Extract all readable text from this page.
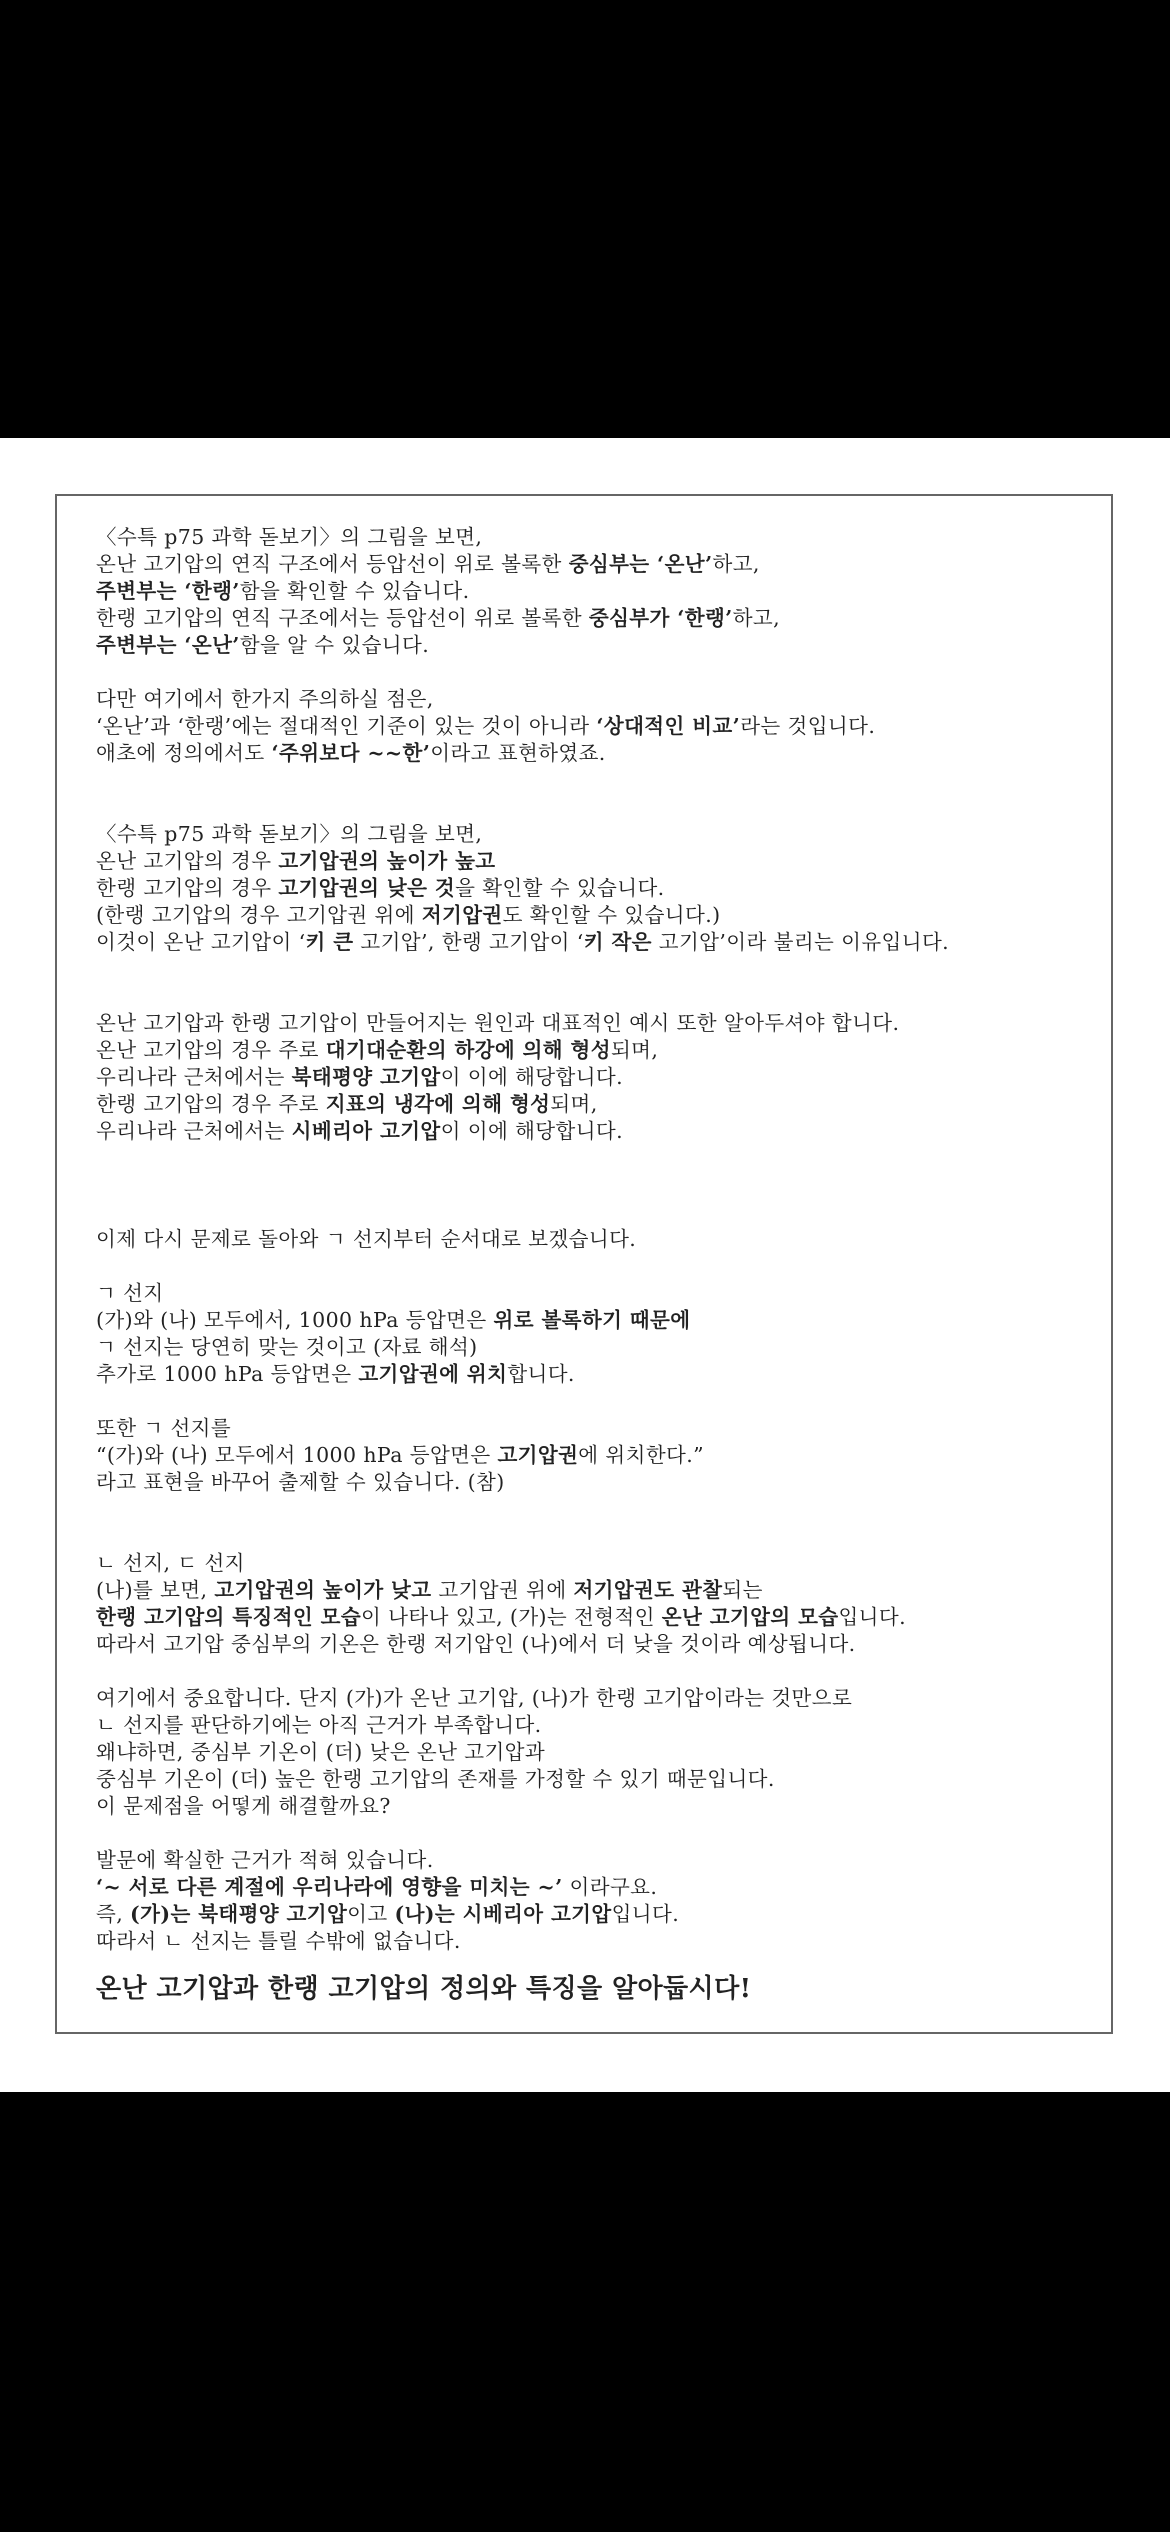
〈수특 p75 과학 돋보기〉의 그림을 보면,
온난 고기압의 연직 구조에서 등압선이 위로 볼록한 중심부는 ‘온난’하고,
주변부는 ‘한랭’함을 확인할 수 있습니다.
한랭 고기압의 연직 구조에서는 등압선이 위로 볼록한 중심부가 ‘한랭’하고,
주변부는 ‘온난’함을 알 수 있습니다.
다만 여기에서 한가지 주의하실 점은,
‘온난’과 ‘한랭’에는 절대적인 기준이 있는 것이 아니라 ‘상대적인 비교’라는 것입니다.
애초에 정의에서도 ‘주위보다 ~~한’이라고 표현하였죠.
〈수특 p75 과학 돋보기〉의 그림을 보면,
온난 고기압의 경우 고기압권의 높이가 높고
한랭 고기압의 경우 고기압권의 낮은 것을 확인할 수 있습니다.
(한랭 고기압의 경우 고기압권 위에 저기압권도 확인할 수 있습니다.)
이것이 온난 고기압이 ‘키 큰 고기압’, 한랭 고기압이 ‘키 작은 고기압’이라 불리는 이유입니다.
온난 고기압과 한랭 고기압이 만들어지는 원인과 대표적인 예시 또한 알아두셔야 합니다.
온난 고기압의 경우 주로 대기대순환의 하강에 의해 형성되며,
우리나라 근처에서는 북태평양 고기압이 이에 해당합니다.
한랭 고기압의 경우 주로 지표의 냉각에 의해 형성되며,
우리나라 근처에서는 시베리아 고기압이 이에 해당합니다.
이제 다시 문제로 돌아와 ㄱ 선지부터 순서대로 보겠습니다.
ㄱ 선지
(가)와 (나) 모두에서, 1000 hPa 등압면은 위로 볼록하기 때문에
ㄱ 선지는 당연히 맞는 것이고 (자료 해석)
추가로 1000 hPa 등압면은 고기압권에 위치합니다.
또한 ㄱ 선지를
“(가)와 (나) 모두에서 1000 hPa 등압면은 고기압권에 위치한다.”
라고 표현을 바꾸어 출제할 수 있습니다. (참)
ㄴ 선지, ㄷ 선지
(나)를 보면, 고기압권의 높이가 낮고 고기압권 위에 저기압권도 관찰되는
한랭 고기압의 특징적인 모습이 나타나 있고, (가)는 전형적인 온난 고기압의 모습입니다.
따라서 고기압 중심부의 기온은 한랭 저기압인 (나)에서 더 낮을 것이라 예상됩니다.
여기에서 중요합니다. 단지 (가)가 온난 고기압, (나)가 한랭 고기압이라는 것만으로
ㄴ 선지를 판단하기에는 아직 근거가 부족합니다.
왜냐하면, 중심부 기온이 (더) 낮은 온난 고기압과
중심부 기온이 (더) 높은 한랭 고기압의 존재를 가정할 수 있기 때문입니다.
이 문제점을 어떻게 해결할까요?
발문에 확실한 근거가 적혀 있습니다.
‘~ 서로 다른 계절에 우리나라에 영향을 미치는 ~’ 이라구요.
즉, (가)는 북태평양 고기압이고 (나)는 시베리아 고기압입니다.
따라서 ㄴ 선지는 틀릴 수밖에 없습니다.
온난 고기압과 한랭 고기압의 정의와 특징을 알아둡시다!
